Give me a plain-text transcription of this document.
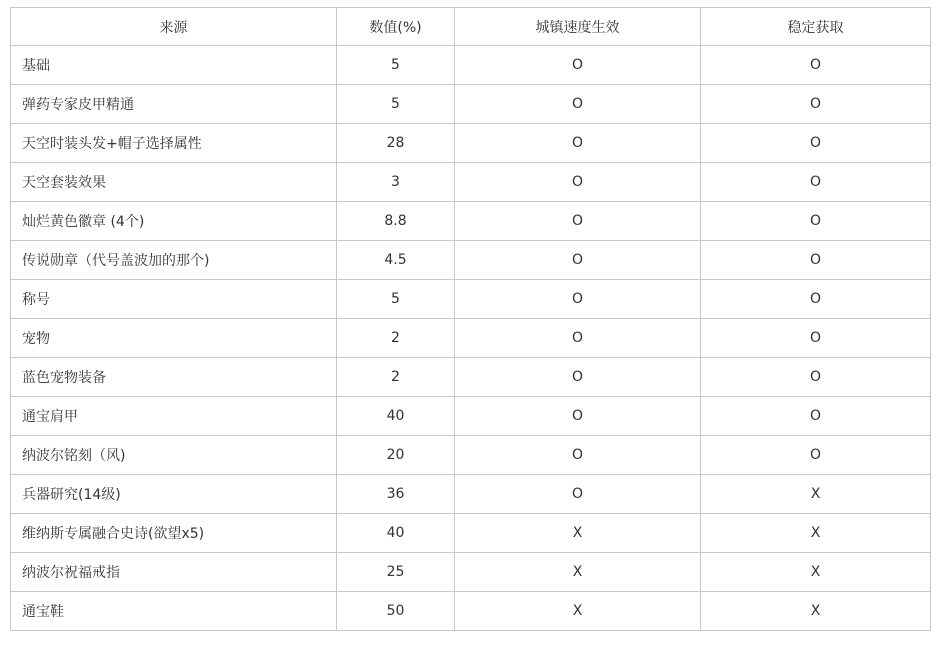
来源	数值(%)	城镇速度生效	稳定获取
基础	5	O	O
弹药专家皮甲精通	5	O	O
天空时装头发+帽子选择属性	28	O	O
天空套装效果	3	O	O
灿烂黄色徽章 (4个)	8.8	O	O
传说勋章（代号盖波加的那个)	4.5	O	O
称号	5	O	O
宠物	2	O	O
蓝色宠物装备	2	O	O
通宝肩甲	40	O	O
纳波尔铭刻（风)	20	O	O
兵器研究(14级)	36	O	X
维纳斯专属融合史诗(欲望x5)	40	X	X
纳波尔祝福戒指	25	X	X
通宝鞋	50	X	X
